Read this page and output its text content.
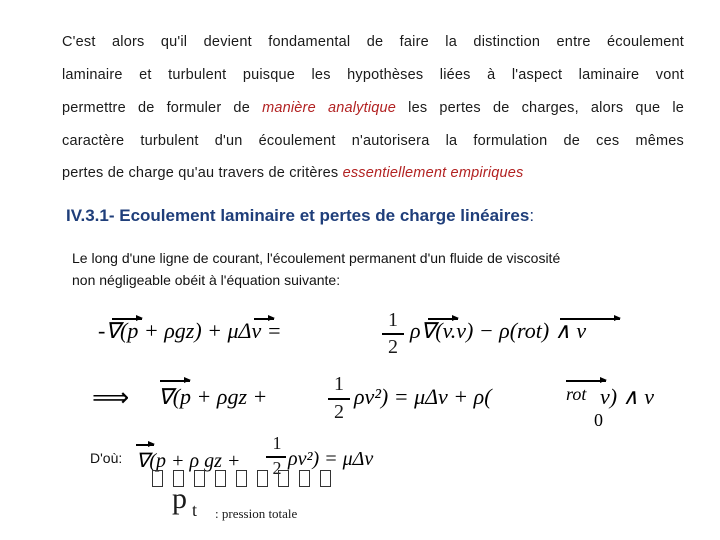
C'est alors qu'il devient fondamental de faire la distinction entre écoulement
laminaire et turbulent puisque les hypothèses liées à l'aspect laminaire vont
permettre de formuler de manière analytique les pertes de charges, alors que le
caractère turbulent d'un écoulement n'autorisera la formulation de ces mêmes
pertes de charge qu'au travers de critères essentiellement empiriques
IV.3.1- Ecoulement laminaire et pertes de charge linéaires:
Le long d'une ligne de courant, l'écoulement permanent d'un fluide de viscosité
non négligeable obéit à l'équation suivante:
-∇(p + ρgz) + μΔv =	1
2
ρ∇(v.v) − ρ(rot) ∧ v
⟹ ∇(p + ρgz +	1
2
ρv²) = μΔv + ρ(	rot v) ∧ v
0
D'où: ∇(p + ρ gz +
1
2 ρv²) = μΔv
p t : pression totale
